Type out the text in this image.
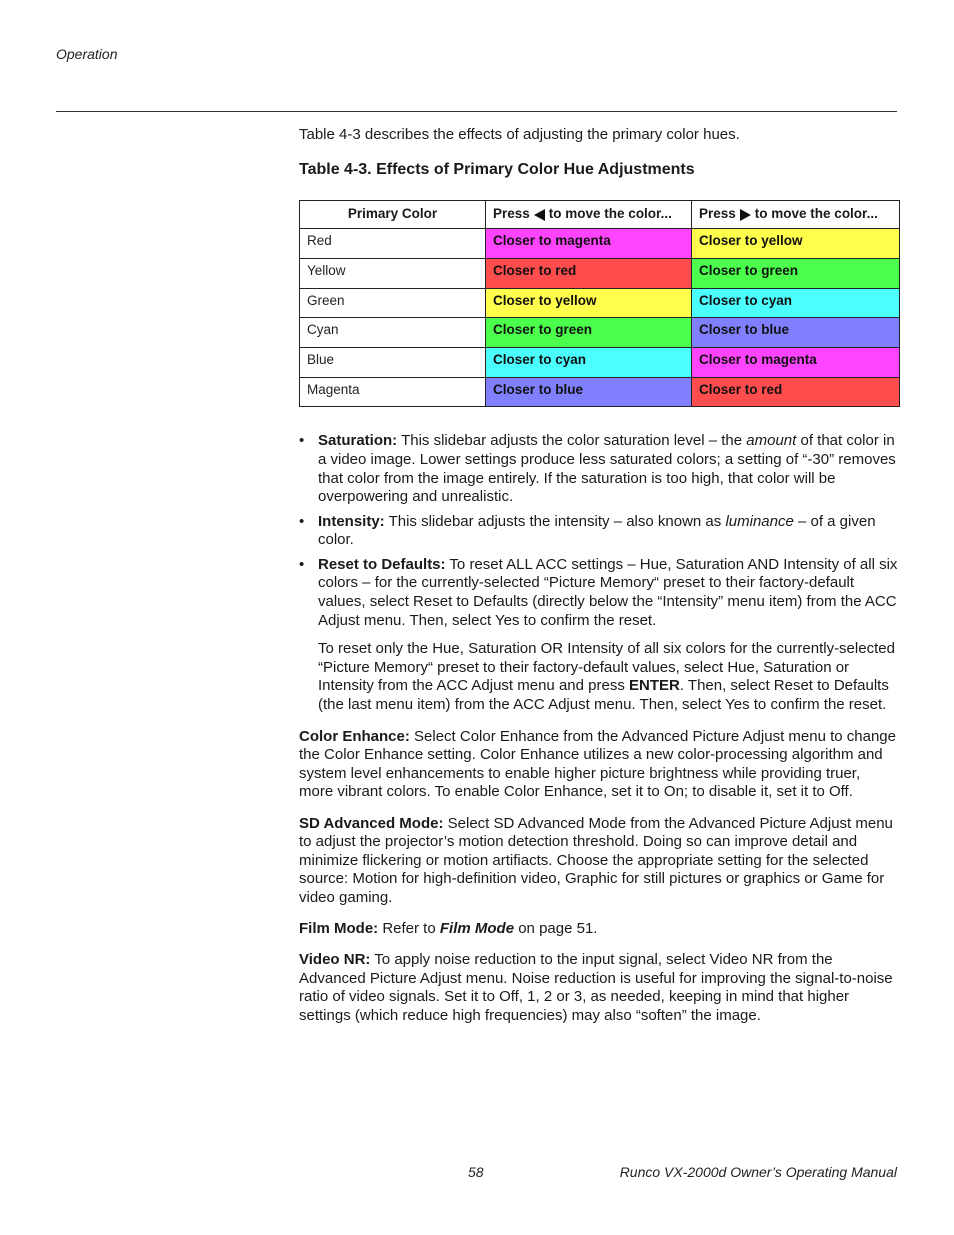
Operation

Table 4-3 describes the effects of adjusting the primary color hues.

Table 4-3. Effects of Primary Color Hue Adjustments

Primary Color	Press to move the color...	Press to move the color...

Red	Closer to magenta	Closer to yellow
Yellow	Closer to red	Closer to green
Green	Closer to yellow	Closer to cyan
Cyan	Closer to green	Closer to blue
Blue	Closer to cyan	Closer to magenta
Magenta	Closer to blue	Closer to red
• Saturation: This slidebar adjusts the color saturation level – the amount of that color in a video image. Lower settings produce less saturated colors; a setting of “-30” removes that color from the image entirely. If the saturation is too high, that color will be overpowering and unrealistic.
• Intensity: This slidebar adjusts the intensity – also known as luminance – of a given color.
• Reset to Defaults: To reset ALL ACC settings – Hue, Saturation AND Intensity of all six colors – for the currently-selected “Picture Memory“ preset to their factory-default values, select Reset to Defaults (directly below the “Intensity” menu item) from the ACC Adjust menu. Then, select Yes to confirm the reset.

To reset only the Hue, Saturation OR Intensity of all six colors for the currently-selected “Picture Memory“ preset to their factory-default values, select Hue, Saturation or Intensity from the ACC Adjust menu and press ENTER. Then, select Reset to Defaults (the last menu item) from the ACC Adjust menu. Then, select Yes to confirm the reset.

Color Enhance: Select Color Enhance from the Advanced Picture Adjust menu to change the Color Enhance setting. Color Enhance utilizes a new color-processing algorithm and system level enhancements to enable higher picture brightness while providing truer, more vibrant colors. To enable Color Enhance, set it to On; to disable it, set it to Off.

SD Advanced Mode: Select SD Advanced Mode from the Advanced Picture Adjust menu to adjust the projector’s motion detection threshold. Doing so can improve detail and minimize flickering or motion artifiacts. Choose the appropriate setting for the selected source: Motion for high-definition video, Graphic for still pictures or graphics or Game for video gaming.

Film Mode: Refer to Film Mode on page 51.

Video NR: To apply noise reduction to the input signal, select Video NR from the Advanced Picture Adjust menu. Noise reduction is useful for improving the signal-to-noise ratio of video signals. Set it to Off, 1, 2 or 3, as needed, keeping in mind that higher settings (which reduce high frequencies) may also “soften” the image.

58	Runco VX-2000d Owner’s Operating Manual
